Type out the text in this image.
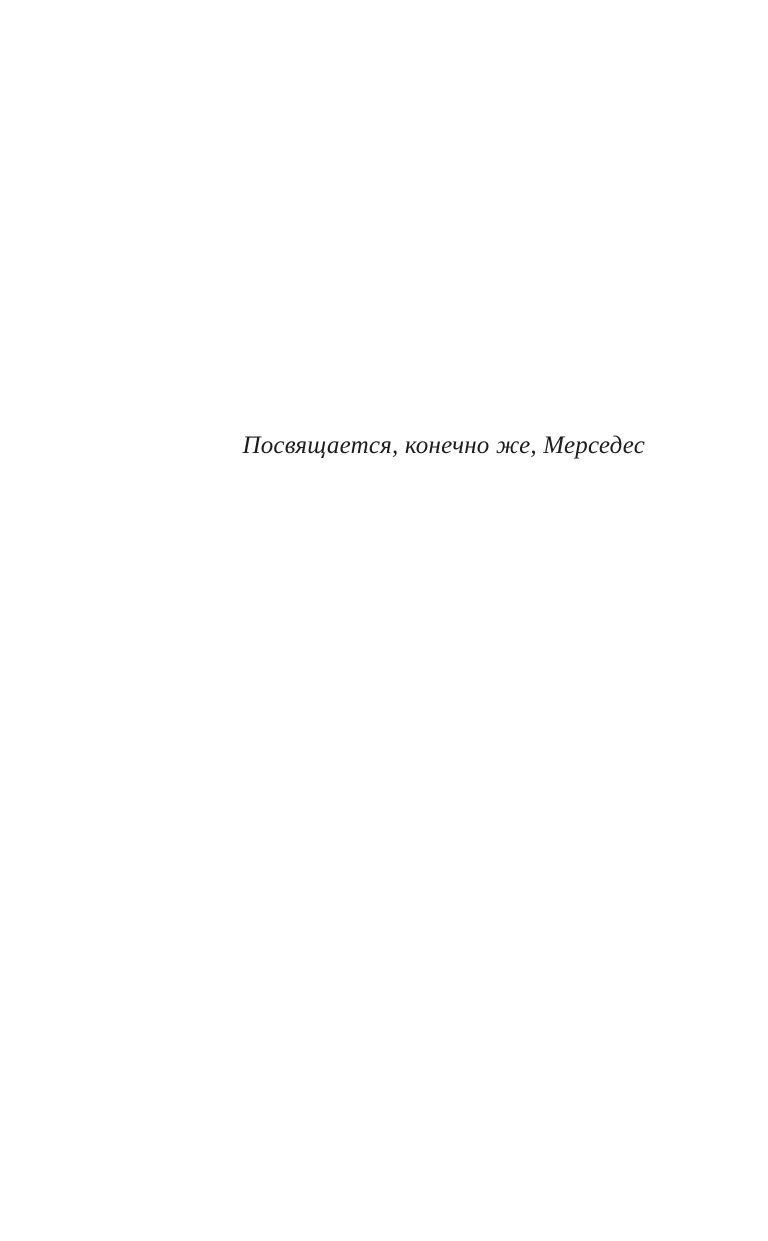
Посвящается, конечно же, Мерседес
